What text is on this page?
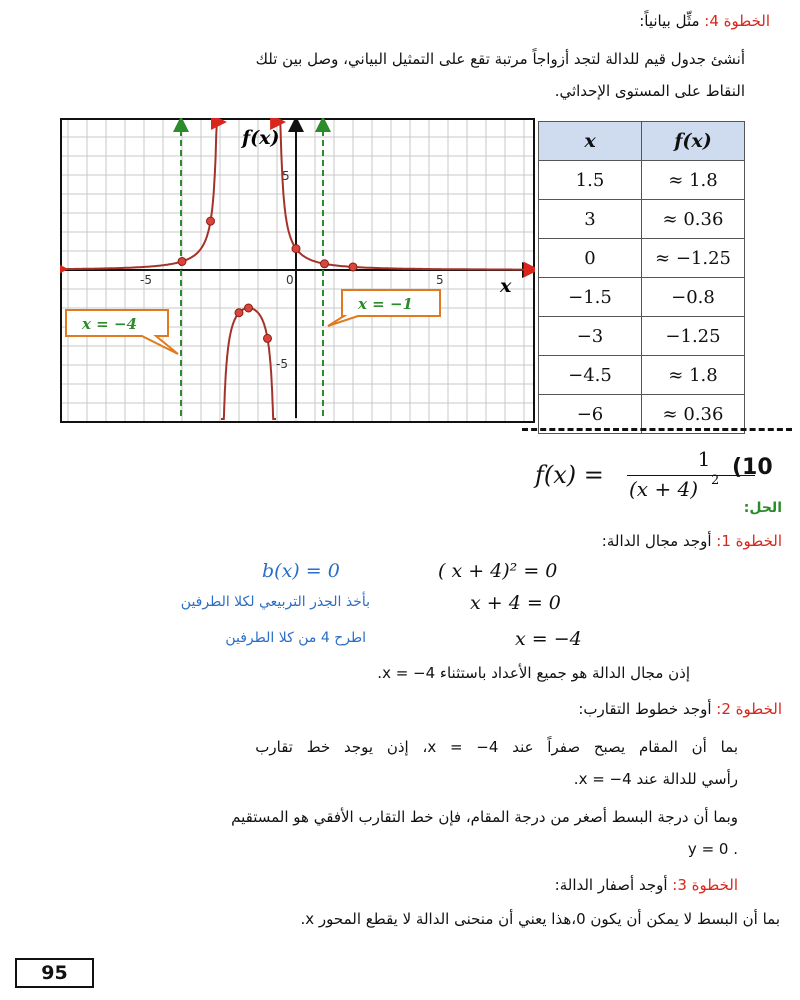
الخطوة 4: مثِّل بيانياً:
أنشئ جدول قيم للدالة لتجد أزواجاً مرتبة تقع على التمثيل البياني، وصل بين تلك
النقاط على المستوى الإحداثي.
5
-5
-5	0	5
f(x)
x
x = −4
x = −1
x	f(x)
1.5	≈ 1.8
3	≈ 0.36
0	≈ −1.25
−1.5	−0.8
−3	−1.25
−4.5	≈ 1.8
−6	≈ 0.36
f(x) =
1
(x + 4) 2
(10
الحل:
الخطوة 1: أوجد مجال الدالة:
( x + 4)² = 0
b(x) = 0
x + 4 = 0
بأخذ الجذر التربيعي لكلا الطرفين
x = −4
اطرح 4 من كلا الطرفين
إذن مجال الدالة هو جميع الأعداد باستثناء x = −4.
الخطوة 2: أوجد خطوط التقارب:
بما أن المقام يصبح صفراً عند x = −4، إذن يوجد خط تقارب
رأسي للدالة عند x = −4.
وبما أن درجة البسط أصغر من درجة المقام، فإن خط التقارب الأفقي هو المستقيم
. y = 0
الخطوة 3: أوجد أصفار الدالة:
بما أن البسط لا يمكن أن يكون 0،هذا يعني أن منحنى الدالة لا يقطع المحور x.
95
